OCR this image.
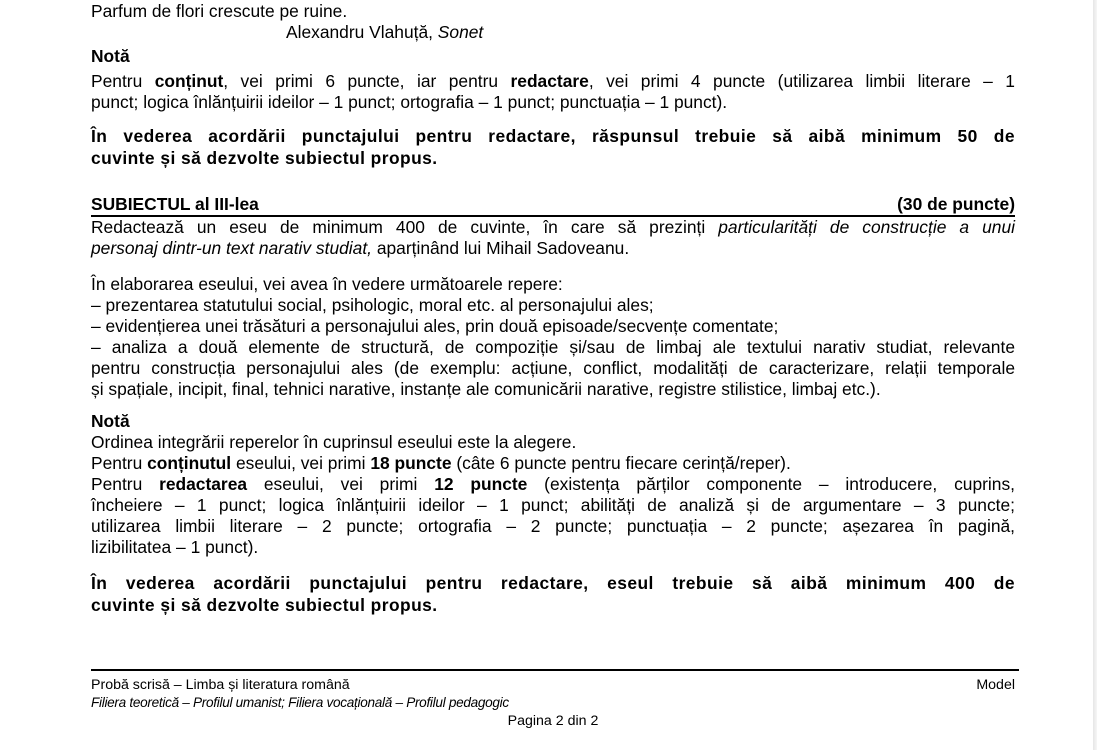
Parfum de flori crescute pe ruine.
Alexandru Vlahuță, Sonet
Notă
Pentru conținut, vei primi 6 puncte, iar pentru redactare, vei primi 4 puncte (utilizarea limbii literare – 1
punct; logica înlănțuirii ideilor – 1 punct; ortografia – 1 punct; punctuația – 1 punct).
În vederea acordării punctajului pentru redactare, răspunsul trebuie să aibă minimum 50 de
cuvinte și să dezvolte subiectul propus.
SUBIECTUL al III-lea	(30 de puncte)
Redactează un eseu de minimum 400 de cuvinte, în care să prezinți particularități de construcție a unui
personaj dintr-un text narativ studiat, aparținând lui Mihail Sadoveanu.
În elaborarea eseului, vei avea în vedere următoarele repere:
– prezentarea statutului social, psihologic, moral etc. al personajului ales;
– evidențierea unei trăsături a personajului ales, prin două episoade/secvențe comentate;
– analiza a două elemente de structură, de compoziție și/sau de limbaj ale textului narativ studiat, relevante
pentru construcția personajului ales (de exemplu: acțiune, conflict, modalități de caracterizare, relații temporale
și spațiale, incipit, final, tehnici narative, instanțe ale comunicării narative, registre stilistice, limbaj etc.).
Notă
Ordinea integrării reperelor în cuprinsul eseului este la alegere.
Pentru conținutul eseului, vei primi 18 puncte (câte 6 puncte pentru fiecare cerință/reper).
Pentru redactarea eseului, vei primi 12 puncte (existența părților componente – introducere, cuprins,
încheiere – 1 punct; logica înlănțuirii ideilor – 1 punct; abilități de analiză și de argumentare – 3 puncte;
utilizarea limbii literare – 2 puncte; ortografia – 2 puncte; punctuația – 2 puncte; așezarea în pagină,
lizibilitatea – 1 punct).
În vederea acordării punctajului pentru redactare, eseul trebuie să aibă minimum 400 de
cuvinte și să dezvolte subiectul propus.
Probă scrisă – Limba și literatura română	Model
Filiera teoretică – Profilul umanist; Filiera vocațională – Profilul pedagogic
Pagina 2 din 2
